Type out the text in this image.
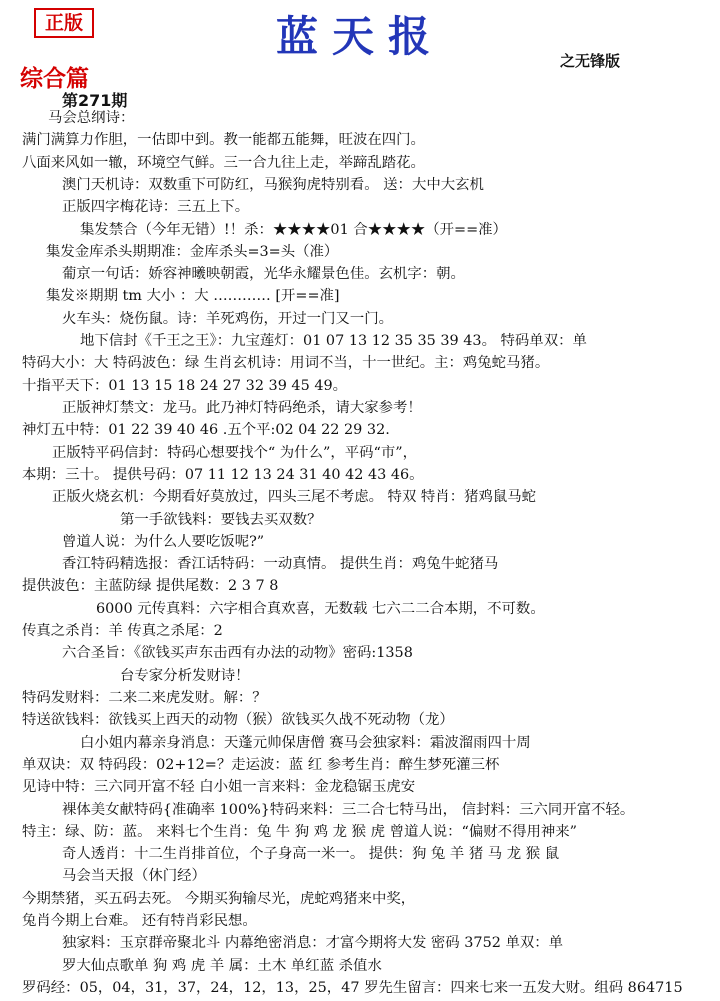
正版	蓝天报	之无锋版
综合篇
第271期
马会总纲诗：
满门满算力作胆，一估即中到。教一能都五能舞，旺波在四门。
八面来风如一辙，环境空气鲜。三一合九往上走，举蹄乱踏花。
澳门天机诗：双数重下可防红，马猴狗虎特别看。 送：大中大玄机
正版四字梅花诗：三五上下。
集发禁合（今年无错）!！杀：★★★★01 合★★★★（开==准）
集发金库杀头期期准：金库杀头=3=头（准）
葡京一句话：娇容神曦映朝霞，光华永耀景色佳。玄机字：朝。
集发※期期 tm 大小 ：大 ………… [开==准]
火车头：烧伤鼠。诗：羊死鸡伤，开过一门又一门。
地下信封《千王之王》：九宝莲灯：01 07 13 12 35 35 39 43。 特码单双：单
特码大小：大 特码波色：绿 生肖玄机诗：用词不当，十一世纪。主：鸡兔蛇马猪。
十指平天下：01 13 15 18 24 27 32 39 45 49。
正版神灯禁文：龙马。此乃神灯特码绝杀，请大家参考！
神灯五中特：01 22 39 40 46 .五个平:02 04 22 29 32.
正版特平码信封：特码心想要找个“ 为什么”，平码“市”，
本期：三十。 提供号码：07 11 12 13 24 31 40 42 43 46。
正版火烧玄机：今期看好莫放过，四头三尾不考虑。 特双 特肖：猪鸡鼠马蛇
第一手欲钱料：要钱去买双数？
曾道人说：为什么人要吃饭呢?”
香江特码精选报：香江话特码：一动真情。 提供生肖：鸡兔牛蛇猪马
提供波色：主蓝防绿 提供尾数：2 3 7 8
6000 元传真料：六字相合真欢喜，无数载 七六二二合本期，不可数。
传真之杀肖：羊 传真之杀尾：2
六合圣旨：《欲钱买声东击西有办法的动物》密码:1358
台专家分析发财诗！
特码发财料：二来二来虎发财。解：？
特送欲钱料：欲钱买上西天的动物（猴）欲钱买久战不死动物（龙）
白小姐内幕亲身消息：天蓬元帅保唐僧 赛马会独家料：霜波溜雨四十周
单双诀：双 特码段：02+12=？走运波：蓝 红 参考生肖：醉生梦死灌三杯
见诗中特：三六同开富不轻 白小姐一言来料：金龙稳锯玉虎安
裸体美女献特码{准确率 100%}特码来料：三二合七特马出， 信封料：三六同开富不轻。
特主：绿、防：蓝。 来料七个生肖：兔 牛 狗 鸡 龙 猴 虎 曾道人说：“偏财不得用神来”
奇人透肖：十二生肖排首位，个子身高一米一。 提供：狗 兔 羊 猪 马 龙 猴 鼠
马会当天报（休门经）
今期禁猪，买五码去死。 今期买狗输尽光，虎蛇鸡猪来中奖，
兔肖今期上台难。 还有特肖彩民想。
独家料：玉京群帝聚北斗 内幕绝密消息：才富今期将大发 密码 3752 单双：单
罗大仙点歌单 狗 鸡 虎 羊 属：土木 单红蓝 杀值水
罗码经：05，04，31，37，24，12，13，25，47 罗先生留言：四来七来一五发大财。组码 864715
